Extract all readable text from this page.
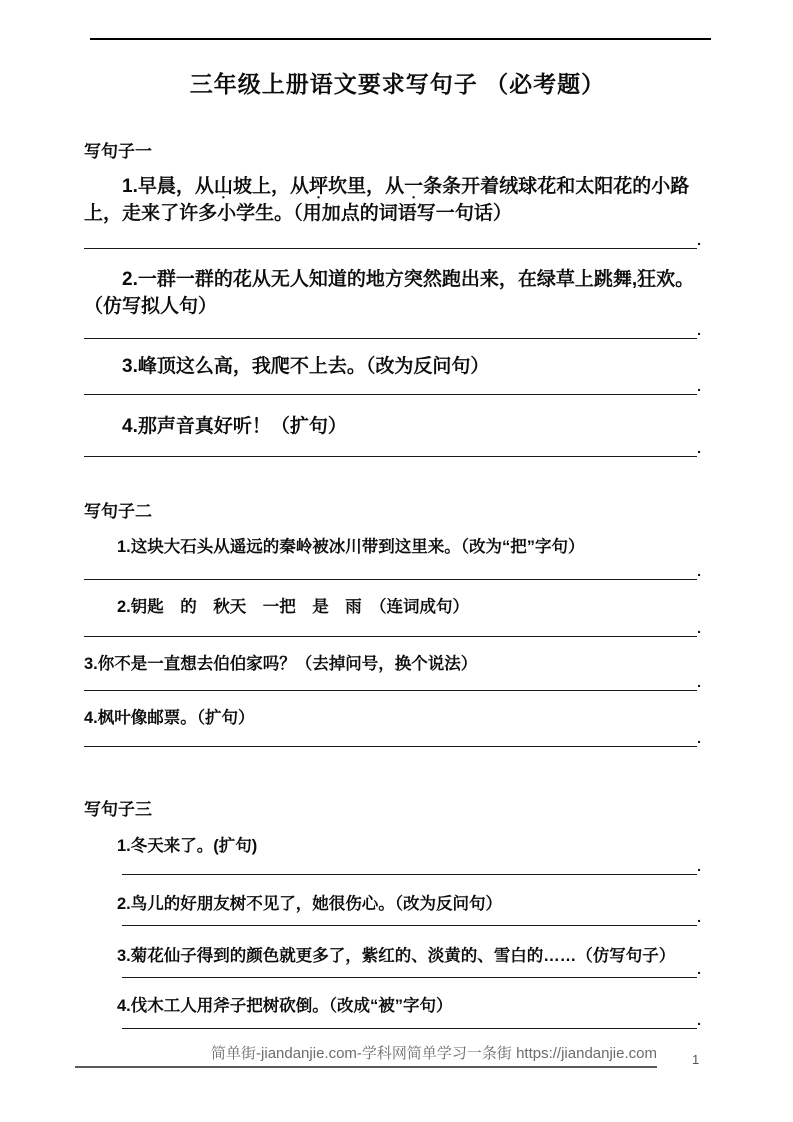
三年级上册语文要求写句子 （必考题）
写句子一

1.早晨，从山坡上，从坪坎里，从一条条开着绒球花和太阳花的小路上，走来了许多小学生。（用加点的词语写一句话）

.

2.一群一群的花从无人知道的地方突然跑出来，在绿草上跳舞,狂欢。（仿写拟人句）

.

3.峰顶这么高，我爬不上去。（改为反问句）

.

4.那声音真好听！（扩句）

.
写句子二

1.这块大石头从遥远的秦岭被冰川带到这里来。（改为“把”字句）

.

2.钥匙　的　秋天　一把　是　雨　（连词成句）

.

3.你不是一直想去伯伯家吗？（去掉问号，换个说法）

.

4.枫叶像邮票。（扩句）

.
写句子三

1.冬天来了。(扩句)

.

2.鸟儿的好朋友树不见了，她很伤心。（改为反问句）

.

3.菊花仙子得到的颜色就更多了，紫红的、淡黄的、雪白的……（仿写句子）

.

4.伐木工人用斧子把树砍倒。（改成“被”字句）

.
简单街-jiandanjie.com-学科网简单学习一条街 https://jiandanjie.com	1
